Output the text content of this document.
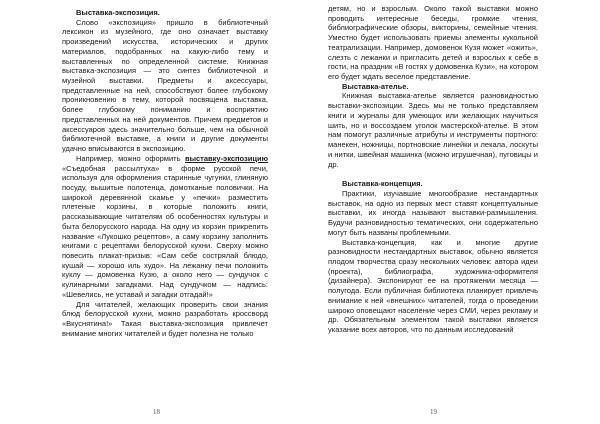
Выставка-экспозиция.

Слово «экспозиция» пришло в библиотечный лексикон из музейного, где оно означает выставку произведений искусства, исторических и других материалов, подобранных на какую-либо тему и выставленных по определенной системе. Книжная выставка-экспозиция — это синтез библиотечной и музейной выставки. Предметы и аксессуары, представленные на ней, способствуют более глубокому проникновению в тему, которой посвящена выставка, более глубокому пониманию и восприятию представленных на ней документов. Причем предметов и аксессуаров здесь значительно больше, чем на обычной библиотечной выставке, а книги и другие документы удачно вписываются в экспозицию.

Например, можно оформить выставку-экспозицию «Съедобная рассылтуха» в форме русской печи, используя для оформления старинные чугунки, глиняную посуду, вышитые полотенца, домотканые половички. На широкой деревянной скамье у «печки» разместить плетеные корзины, в которые положить книги, рассказывающие читателям об особенностях культуры и быта белорусского народа. На одну из корзин прикрепить название «Лукошко рецептов», а саму корзину заполнить книгами с рецептами белорусской кухни. Сверху можно повесить плакат-призыв: «Сам себе сострялай блюдо, кушай — хорошо иль худо». На лежанку печи положить куклу — домовенка Кузю, а около него — сундучок с кулинарными загадками. Над сундучком — надпись: «Шевелись, не уставай и загадки отгадай!»

Для читателей, желающих проверить свои знания блюд белорусской кухни, можно разработать кроссворд «Вкуснятина!» Такая выставка-экспозиция привлечет внимание многих читателей и будет полезна не только

18

детям, но и взрослым. Около такой выставки можно проводить интересные беседы, громкие чтения, библиографические обзоры, викторины, семейные чтения. Уместно будет использовать приемы элементы кукольной театрализации. Например, домовенок Кузя может «ожить», слезть с лежанки и пригласить детей и взрослых к себе в гости, на праздник «В гостях у домовенка Кузи», на котором его будет ждать веселое представление.

Выставка-ателье.

Книжная выставка-ателье является разновидностью выставки-экспозиции. Здесь мы не только представляем книги и журналы для умеющих или желающих научиться шить, но и воссоздаем уголок мастерской-ателье. В этом нам помогут различные атрибуты и инструменты портного: манекен, ножницы, портновские линейки и лекала, лоскуты и нитки, швейная машинка (можно игрушечная), пуговицы и др.

Выставка-концепция.

Практики, изучавшие многообразие нестандартных выставок, на одно из первых мест ставят концептуальные выставки, их иногда называют выставки-размышления. Будучи разновидностью тематических, они содержательно могут быть названы проблемными.

Выставка-концепция, как и многие другие разновидности нестандартных выставок, обычно является плодом творчества сразу нескольких человек: автора идеи (проекта), библиографа, художника-оформителя (дизайнера). Экспонируют ее на протяжении месяца — полугода. Если публичная библиотека планирует привлечь внимание к ней «внешних» читателей, тогда о проведении широко оповещают население через СМИ, через рекламу и др. Обязательным элементом такой выставки является указание всех авторов, что по данным исследований

19
